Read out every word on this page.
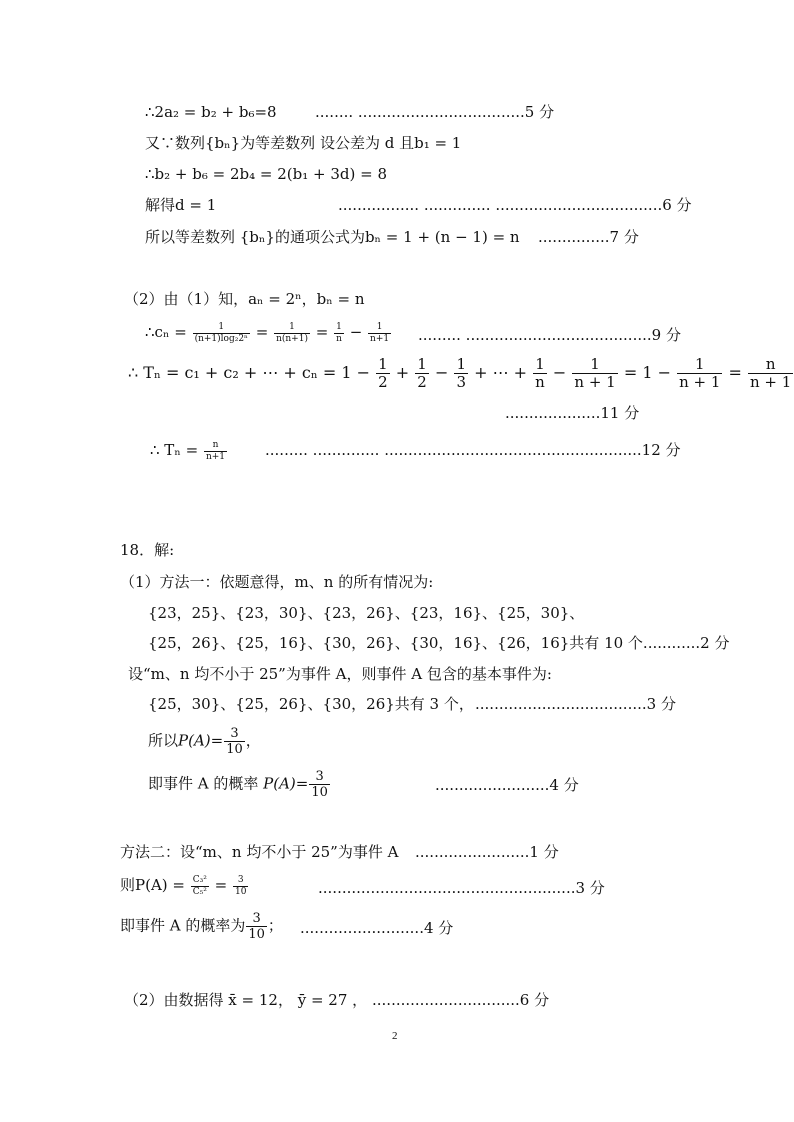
∴2a₂ = b₂ + b₆=8	........ ...................................5 分
又∵数列{bₙ}为等差数列 设公差为 d 且b₁ = 1
∴b₂ + b₆ = 2b₄ = 2(b₁ + 3d) = 8
解得d = 1	................. .............. ...................................6 分
所以等差数列 {bₙ}的通项公式为bₙ = 1 + (n − 1) = n ...............7 分
（2）由（1）知，aₙ = 2ⁿ，bₙ = n
∴cₙ = $\frac{1}{\text{(n+1)log₂2ⁿ}} = \frac{1}{n(n+1)} = \frac{1}{n} - \frac{1}{n+1}$ ......... .......................................9 分
∴ Tₙ = c₁ + c₂ + ⋯ + $c_n = 1 - \frac{1}{2} + \frac{1}{2} - \frac{1}{3}$ + ⋯ + $\frac{1}{n} - \frac{1}{n + 1} = 1 - \frac{1}{n + 1} = \frac{n}{n + 1}$
....................11 分
∴ $T_n = \frac{n}{n+1}$	......... .............. ......................................................12 分
18．解:
（1）方法一：依题意得，m、n 的所有情况为:
{23，25}、{23，30}、{23，26}、{23，16}、{25，30}、
{25，26}、{25，16}、{30，26}、{30，16}、{26，16}共有 10 个............2 分
设“m、n 均不小于 25”为事件 A，则事件 A 包含的基本事件为:
{25，30}、{25，26}、{30，26}共有 3 个， ....................................3 分
所以$P(A)= \frac{3}{10}$ ，
即事件 A 的概率 $P(A)= \frac{3}{10}$	........................4 分
方法二：设“m、n 均不小于 25”为事件 A ........................1 分
则$P(A) = \frac{\text{C₃²}}{\text{C₅²}} = \frac{3}{10}$	......................................................3 分
即事件 A 的概率为 $\frac{3}{10}$ ； ..........................4 分
（2）由数据得 x̄ = 12， ȳ = 27 ， ...............................6 分
2
